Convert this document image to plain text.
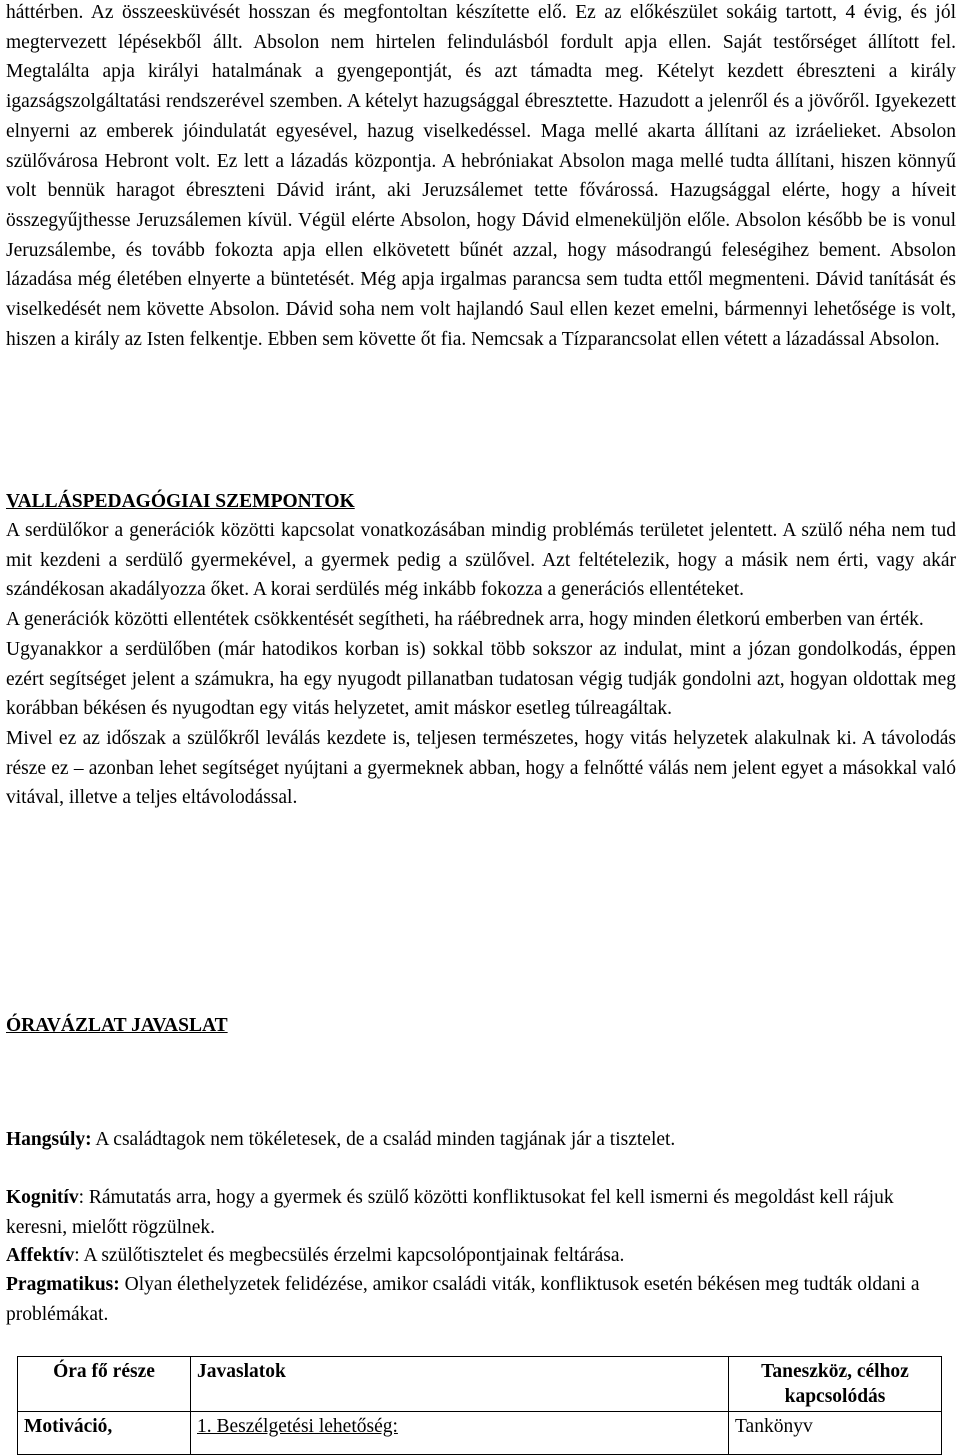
háttérben. Az összeesküvését hosszan és megfontoltan készítette elő. Ez az előkészület sokáig tartott, 4 évig, és jól megtervezett lépésekből állt. Absolon nem hirtelen felindulásból fordult apja ellen. Saját testőrséget állított fel. Megtalálta apja királyi hatalmának a gyengepontját, és azt támadta meg. Kételyt kezdett ébreszteni a király igazságszolgáltatási rendszerével szemben. A kételyt hazugsággal ébresztette. Hazudott a jelenről és a jövőről. Igyekezett elnyerni az emberek jóindulatát egyesével, hazug viselkedéssel. Maga mellé akarta állítani az izráelieket. Absolon szülővárosa Hebront volt. Ez lett a lázadás központja. A hebróniakat Absolon maga mellé tudta állítani, hiszen könnyű volt bennük haragot ébreszteni Dávid iránt, aki Jeruzsálemet tette fővárossá. Hazugsággal elérte, hogy a híveit összegyűjthesse Jeruzsálemen kívül. Végül elérte Absolon, hogy Dávid elmeneküljön előle. Absolon később be is vonul Jeruzsálembe, és tovább fokozta apja ellen elkövetett bűnét azzal, hogy másodrangú feleségihez bement. Absolon lázadása még életében elnyerte a büntetését. Még apja irgalmas parancsa sem tudta ettől megmenteni. Dávid tanítását és viselkedését nem követte Absolon. Dávid soha nem volt hajlandó Saul ellen kezet emelni, bármennyi lehetősége is volt, hiszen a király az Isten felkentje. Ebben sem követte őt fia. Nemcsak a Tízparancsolat ellen vétett a lázadással Absolon.

VALLÁSPEDAGÓGIAI SZEMPONTOK

A serdülőkor a generációk közötti kapcsolat vonatkozásában mindig problémás területet jelentett. A szülő néha nem tud mit kezdeni a serdülő gyermekével, a gyermek pedig a szülővel. Azt feltételezik, hogy a másik nem érti, vagy akár szándékosan akadályozza őket. A korai serdülés még inkább fokozza a generációs ellentéteket.

A generációk közötti ellentétek csökkentését segítheti, ha ráébrednek arra, hogy minden életkorú emberben van érték.

Ugyanakkor a serdülőben (már hatodikos korban is) sokkal több sokszor az indulat, mint a józan gondolkodás, éppen ezért segítséget jelent a számukra, ha egy nyugodt pillanatban tudatosan végig tudják gondolni azt, hogyan oldottak meg korábban békésen és nyugodtan egy vitás helyzetet, amit máskor esetleg túlreagáltak.

Mivel ez az időszak a szülőkről leválás kezdete is, teljesen természetes, hogy vitás helyzetek alakulnak ki. A távolodás része ez – azonban lehet segítséget nyújtani a gyermeknek abban, hogy a felnőtté válás nem jelent egyet a másokkal való vitával, illetve a teljes eltávolodással.

ÓRAVÁZLAT JAVASLAT

Hangsúly: A családtagok nem tökéletesek, de a család minden tagjának jár a tisztelet.

Kognitív: Rámutatás arra, hogy a gyermek és szülő közötti konfliktusokat fel kell ismerni és megoldást kell rájuk keresni, mielőtt rögzülnek.

Affektív: A szülőtisztelet és megbecsülés érzelmi kapcsolópontjainak feltárása.

Pragmatikus: Olyan élethelyzetek felidézése, amikor családi viták, konfliktusok esetén békésen meg tudták oldani a problémákat.

Óra fő része	Javaslatok	Taneszköz, célhoz kapcsolódás
Motiváció,	1. Beszélgetési lehetőség:	Tankönyv
